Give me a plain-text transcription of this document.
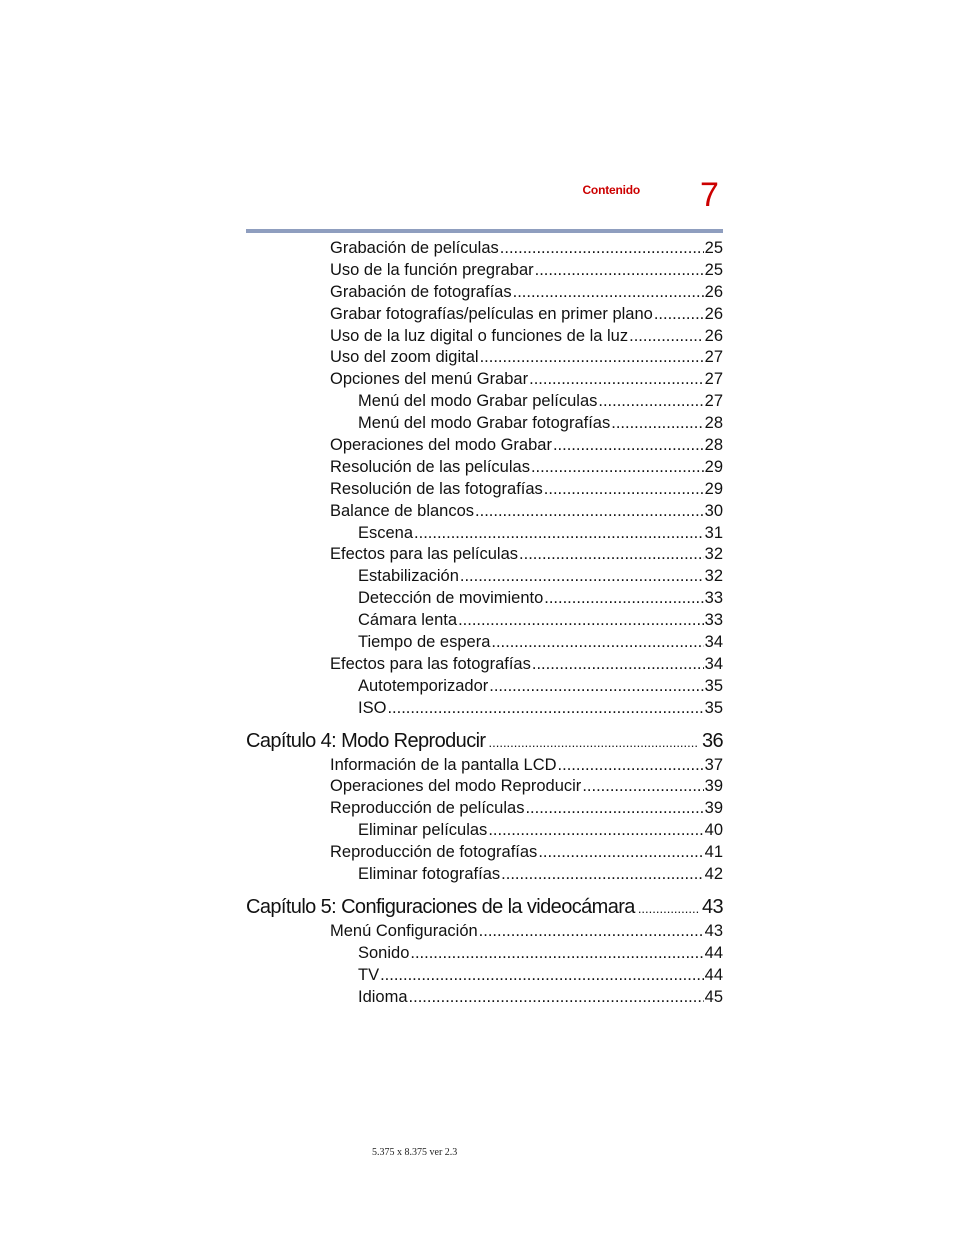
Contenido 7
Grabación de películas .....	25
Uso de la función pregrabar .....	25
Grabación de fotografías .....	26
Grabar fotografías/películas en primer plano .....	26
Uso de la luz digital o funciones de la luz .....	26
Uso del zoom digital .....	27
Opciones del menú Grabar .....	27
Menú del modo Grabar películas .....	27
Menú del modo Grabar fotografías .....	28
Operaciones del modo Grabar .....	28
Resolución de las películas .....	29
Resolución de las fotografías .....	29
Balance de blancos .....	30
Escena .....	31
Efectos para las películas .....	32
Estabilización .....	32
Detección de movimiento .....	33
Cámara lenta .....	33
Tiempo de espera .....	34
Efectos para las fotografías .....	34
Autotemporizador .....	35
ISO .....	35
Capítulo 4: Modo Reproducir .....	36
Información de la pantalla LCD .....	37
Operaciones del modo Reproducir .....	39
Reproducción de películas .....	39
Eliminar películas .....	40
Reproducción de fotografías .....	41
Eliminar fotografías .....	42
Capítulo 5: Configuraciones de la videocámara .....	43
Menú Configuración .....	43
Sonido .....	44
TV .....	44
Idioma .....	45
5.375 x 8.375 ver 2.3
